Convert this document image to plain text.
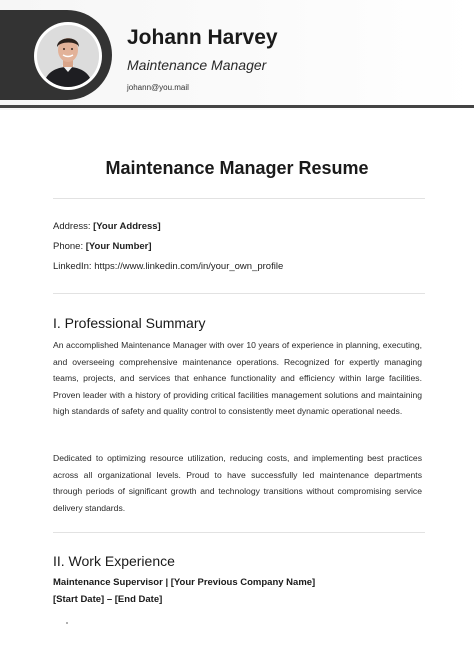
Johann Harvey
Maintenance Manager
johann@you.mail
Maintenance Manager Resume
Address: [Your Address]
Phone: [Your Number]
LinkedIn: https://www.linkedin.com/in/your_own_profile
I. Professional Summary

An accomplished Maintenance Manager with over 10 years of experience in planning, executing, and overseeing comprehensive maintenance operations. Recognized for expertly managing teams, projects, and services that enhance functionality and efficiency within large facilities. Proven leader with a history of providing critical facilities management solutions and maintaining high standards of safety and quality control to consistently meet dynamic operational needs.

Dedicated to optimizing resource utilization, reducing costs, and implementing best practices across all organizational levels. Proud to have successfully led maintenance departments through periods of significant growth and technology transitions without compromising service delivery standards.

II. Work Experience
Maintenance Supervisor | [Your Previous Company Name]
[Start Date] – [End Date]
